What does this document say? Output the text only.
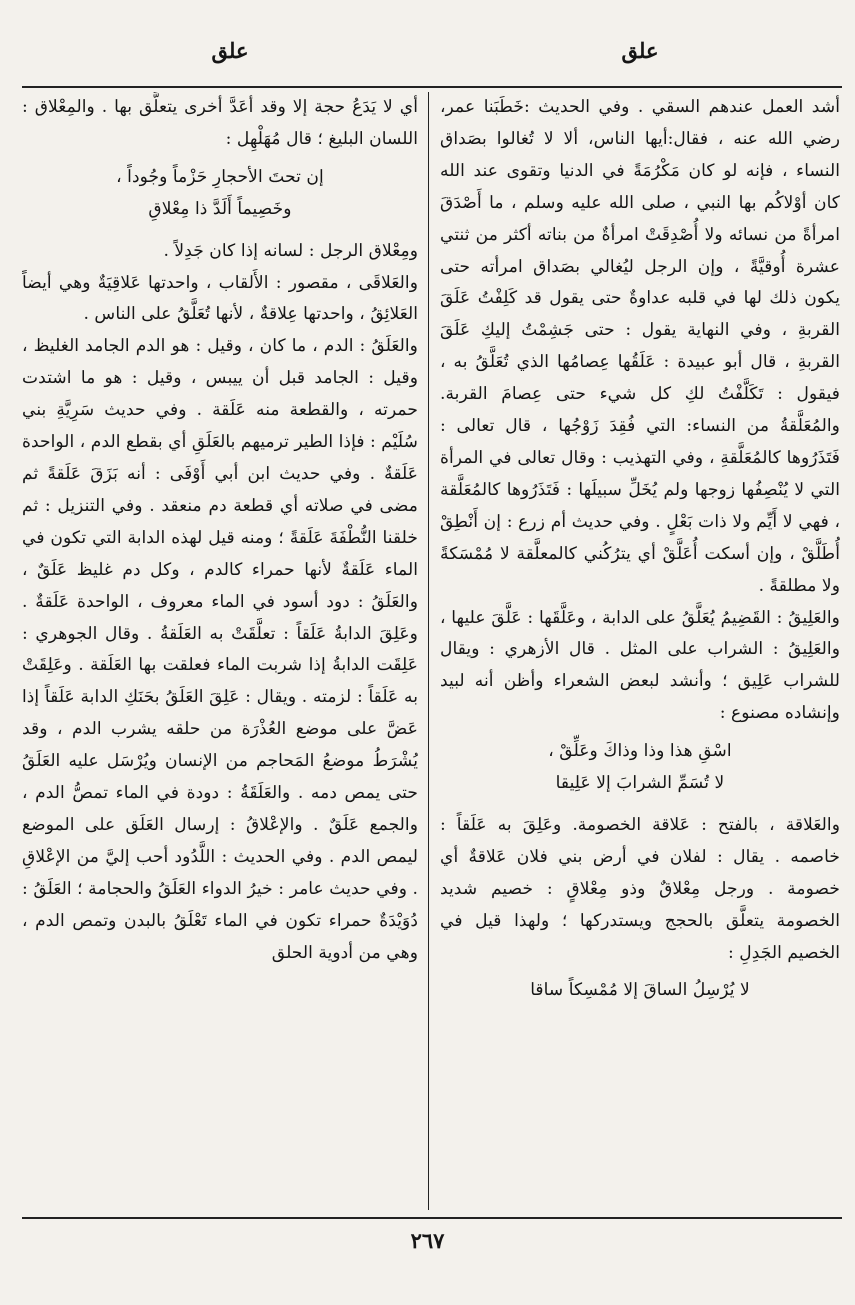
علق
علق

أشد العمل عندهم السقي . وفي الحديث :خَطَبَنا عمر، رضي الله عنه ، فقال:أيها الناس، ألا لا تُغالوا بصَداق النساء ، فإنه لو كان مَكْرُمَةً في الدنيا وتقوى عند الله كان أوْلاكُم بها النبي ، صلى الله عليه وسلم ، ما أَصْدَقَ امرأةً من نسائه ولا أُصْدِقَتْ امرأةٌ من بناته أكثر من ثنتي عشرة أُوقيَّةً ، وإن الرجل ليُغالي بصَداق امرأته حتى يكون ذلك لها في قلبه عداوةٌ حتى يقول قد كَلِفْتُ عَلَقَ القربةِ ، وفي النهاية يقول : حتى جَشِمْتُ إليكِ عَلَقَ القربةِ ، قال أبو عبيدة : عَلَقُها عِصامُها الذي تُعَلَّقُ به ، فيقول : تَكَلَّفْتُ لكِ كل شيء حتى عِصامَ القربة. والمُعَلَّقةُ من النساء: التي فُقِدَ زَوْجُها ، قال تعالى : فَتَذَرُوها كالمُعَلَّقةِ ، وفي التهذيب : وقال تعالى في المرأة التي لا يُنْصِفُها زوجها ولم يُخَلِّ سبيلَها : فَتَذَرُوها كالمُعَلَّقة ، فهي لا أَيِّم ولا ذات بَعْلٍ . وفي حديث أم زرع : إن أَنْطِقْ أُطَلَّقْ ، وإن أسكت أُعَلَّقْ أي يترُكُني كالمعلَّقة لا مُمْسَكةً ولا مطلقةً .

والعَلِيقُ : القَضِيمُ يُعَلَّقُ على الدابة ، وعَلَّقَها : عَلَّقَ عليها ، والعَلِيقُ : الشراب على المثل . قال الأزهري : ويقال للشراب عَلِيق ؛ وأنشد لبعض الشعراء وأظن أنه لبيد وإنشاده مصنوع :

اسْقِ هذا وذا وذاكَ وعَلِّقْ ،

لا تُسَمِّ الشرابَ إلا عَلِيقا

والعَلاقة ، بالفتح : عَلاقة الخصومة. وعَلِقَ به عَلَقاً : خاصمه . يقال : لفلان في أرض بني فلان عَلاقةٌ أي خصومة . ورجل مِعْلاقٌ وذو مِعْلاقٍ : خصيم شديد الخصومة يتعلَّق بالحجج ويستدركها ؛ ولهذا قيل في الخصيم الجَدِلِ :

لا يُرْسِلُ الساقَ إلا مُمْسِكاً ساقا

أي لا يَدَعُ حجة إلا وقد أعَدَّ أخرى يتعلَّق بها . والمِعْلاق : اللسان البليغ ؛ قال مُهَلْهِل :

إن تحتَ الأحجارِ حَزْماً وجُوداً ،

وخَصِيماً أَلَدَّ ذا مِعْلاقِ

ومِعْلاق الرجل : لسانه إذا كان جَدِلاً .

والعَلاقَى ، مقصور : الأَلقاب ، واحدتها عَلاقِيَةٌ وهي أيضاً العَلائِقُ ، واحدتها عِلاقةٌ ، لأنها تُعَلَّقُ على الناس .

والعَلَقُ : الدم ، ما كان ، وقيل : هو الدم الجامد الغليظ ، وقيل : الجامد قبل أن ييبس ، وقيل : هو ما اشتدت حمرته ، والقطعة منه عَلَقة . وفي حديث سَرِيَّةِ بني سُلَيْم : فإذا الطير ترميهم بالعَلَقِ أي بقطع الدم ، الواحدة عَلَقةٌ . وفي حديث ابن أبي أَوْفَى : أنه بَزَقَ عَلَقةً ثم مضى في صلاته أي قطعة دم منعقد . وفي التنزيل : ثم خلقنا النُّطْفَةَ عَلَقةً ؛ ومنه قيل لهذه الدابة التي تكون في الماء عَلَقةٌ لأنها حمراء كالدم ، وكل دم غليظ عَلَقٌ ، والعَلَقُ : دود أسود في الماء معروف ، الواحدة عَلَقةٌ . وعَلِقَ الدابةُ عَلَقاً : تعلَّقَتْ به العَلَقةُ . وقال الجوهري : عَلِقَت الدابةُ إذا شربت الماء فعلقت بها العَلَقة . وعَلِقَتْ به عَلَقاً : لزمته . ويقال : عَلِقَ العَلَقُ بحَنَكِ الدابة عَلَقاً إذا عَضَّ على موضع العُذْرَة من حلقه يشرب الدم ، وقد يُشْرَطُ موضعُ المَحاجم من الإنسان ويُرْسَل عليه العَلَقُ حتى يمص دمه . والعَلَقَةُ : دودة في الماء تمصُّ الدم ، والجمع عَلَقٌ . والإعْلاقُ : إرسال العَلَق على الموضع ليمص الدم . وفي الحديث : اللَّدُود أحب إليَّ من الإعْلاقِ . وفي حديث عامر : خيرُ الدواء العَلَقُ والحجامة ؛ العَلَقُ : دُوَيْدَةٌ حمراء تكون في الماء تَعْلَقُ بالبدن وتمص الدم ، وهي من أدوية الحلق

٢٦٧
